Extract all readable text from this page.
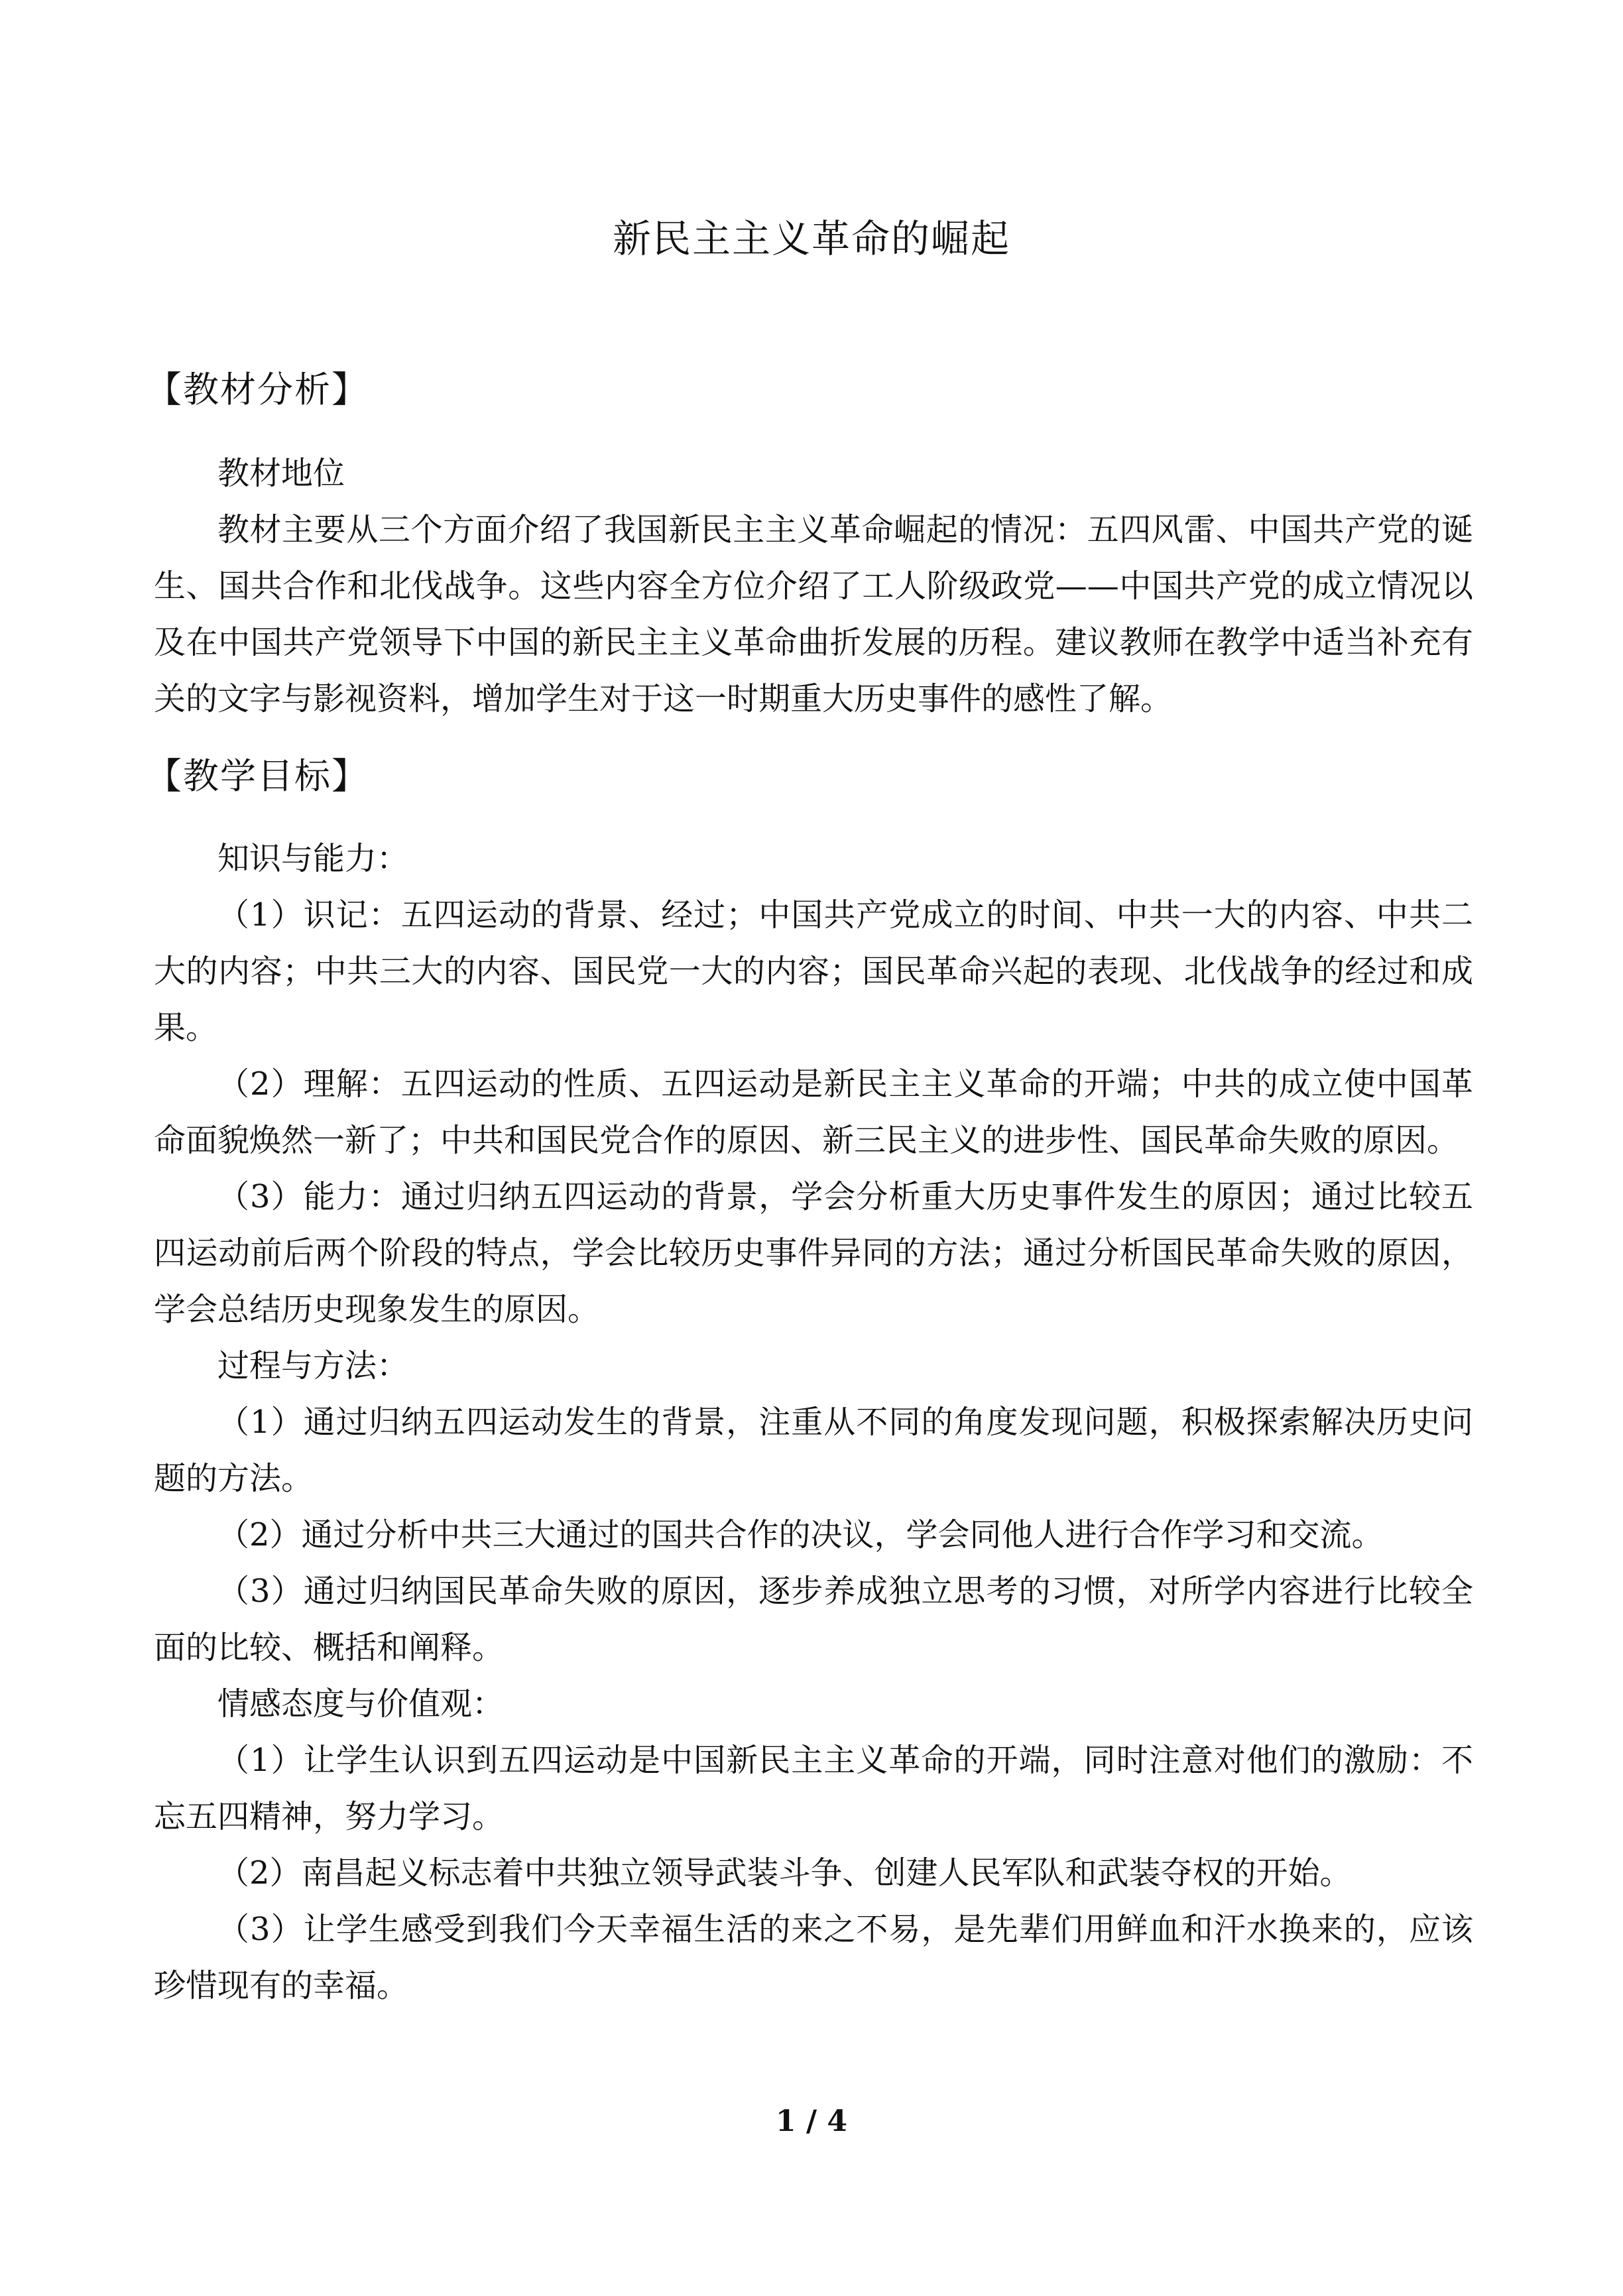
新民主主义革命的崛起
【教材分析】
教材地位
教材主要从三个方面介绍了我国新民主主义革命崛起的情况：五四风雷、中国共产党的诞生、国共合作和北伐战争。这些内容全方位介绍了工人阶级政党——中国共产党的成立情况以及在中国共产党领导下中国的新民主主义革命曲折发展的历程。建议教师在教学中适当补充有关的文字与影视资料，增加学生对于这一时期重大历史事件的感性了解。
【教学目标】

知识与能力：

（1）识记：五四运动的背景、经过；中国共产党成立的时间、中共一大的内容、中共二大的内容；中共三大的内容、国民党一大的内容；国民革命兴起的表现、北伐战争的经过和成果。

（2）理解：五四运动的性质、五四运动是新民主主义革命的开端；中共的成立使中国革命面貌焕然一新了；中共和国民党合作的原因、新三民主义的进步性、国民革命失败的原因。

（3）能力：通过归纳五四运动的背景，学会分析重大历史事件发生的原因；通过比较五四运动前后两个阶段的特点，学会比较历史事件异同的方法；通过分析国民革命失败的原因，学会总结历史现象发生的原因。

过程与方法：

（1）通过归纳五四运动发生的背景，注重从不同的角度发现问题，积极探索解决历史问题的方法。

（2）通过分析中共三大通过的国共合作的决议，学会同他人进行合作学习和交流。

（3）通过归纳国民革命失败的原因，逐步养成独立思考的习惯，对所学内容进行比较全面的比较、概括和阐释。

情感态度与价值观：

（1）让学生认识到五四运动是中国新民主主义革命的开端，同时注意对他们的激励：不忘五四精神，努力学习。

（2）南昌起义标志着中共独立领导武装斗争、创建人民军队和武装夺权的开始。

（3）让学生感受到我们今天幸福生活的来之不易，是先辈们用鲜血和汗水换来的，应该珍惜现有的幸福。

1 / 4
